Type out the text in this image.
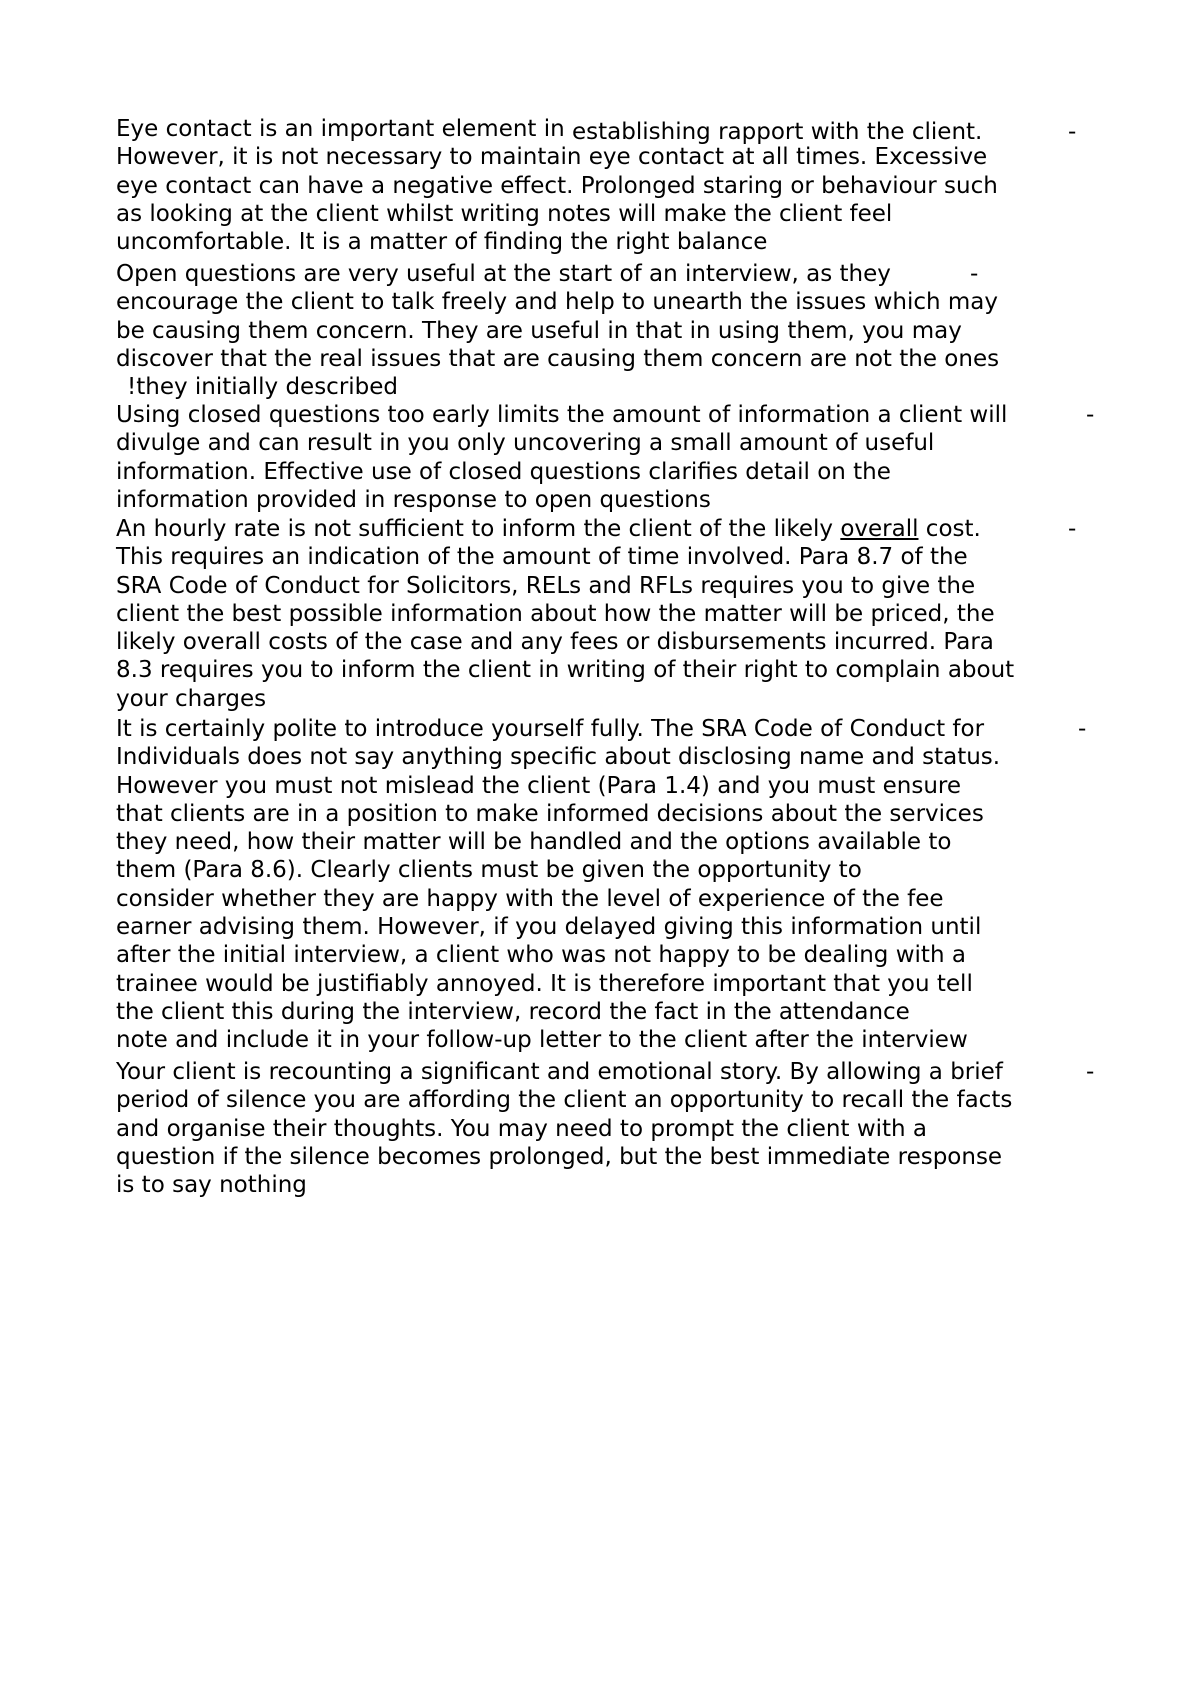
Eye contact is an important element in establishing rapport with the client.
However, it is not necessary to maintain eye contact at all times. Excessive
eye contact can have a negative effect. Prolonged staring or behaviour such
as looking at the client whilst writing notes will make the client feel
uncomfortable. It is a matter of finding the right balance
-
Open questions are very useful at the start of an interview, as they
encourage the client to talk freely and help to unearth the issues which may
be causing them concern. They are useful in that in using them, you may
discover that the real issues that are causing them concern are not the ones
!they initially described
-
Using closed questions too early limits the amount of information a client will
divulge and can result in you only uncovering a small amount of useful
information. Effective use of closed questions clarifies detail on the
information provided in response to open questions
-
An hourly rate is not sufficient to inform the client of the likely overall cost.
This requires an indication of the amount of time involved. Para 8.7 of the
SRA Code of Conduct for Solicitors, RELs and RFLs requires you to give the
client the best possible information about how the matter will be priced, the
likely overall costs of the case and any fees or disbursements incurred. Para
8.3 requires you to inform the client in writing of their right to complain about
your charges
-
It is certainly polite to introduce yourself fully. The SRA Code of Conduct for
Individuals does not say anything specific about disclosing name and status.
However you must not mislead the client (Para 1.4) and you must ensure
that clients are in a position to make informed decisions about the services
they need, how their matter will be handled and the options available to
them (Para 8.6). Clearly clients must be given the opportunity to
consider whether they are happy with the level of experience of the fee
earner advising them. However, if you delayed giving this information until
after the initial interview, a client who was not happy to be dealing with a
trainee would be justifiably annoyed. It is therefore important that you tell
the client this during the interview, record the fact in the attendance
note and include it in your follow-up letter to the client after the interview
-
Your client is recounting a significant and emotional story. By allowing a brief
period of silence you are affording the client an opportunity to recall the facts
and organise their thoughts. You may need to prompt the client with a
question if the silence becomes prolonged, but the best immediate response
is to say nothing
-
